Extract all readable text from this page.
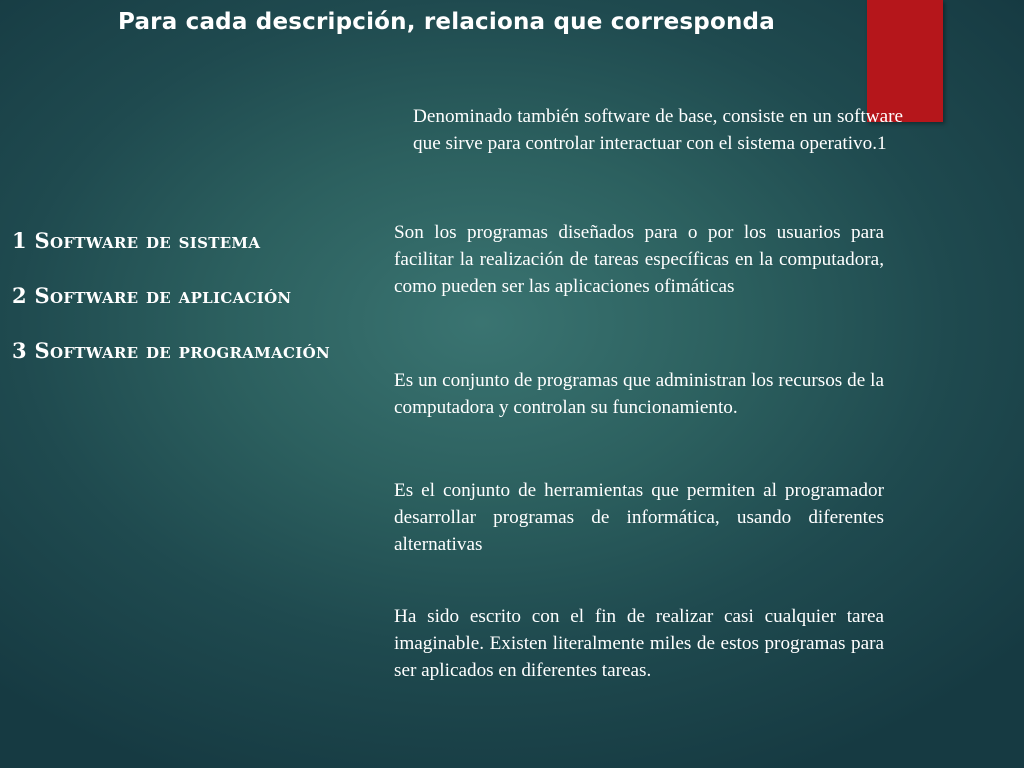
Para cada descripción, relaciona que corresponda
1 Software de sistema
2 Software de aplicación
3 Software de programación

Denominado también software de base, consiste en un software que sirve para controlar interactuar con el sistema operativo.1

Son los programas diseñados para o por los usuarios para facilitar la realización de tareas específicas en la computadora, como pueden ser las aplicaciones ofimáticas

Es un conjunto de programas que administran los recursos de la computadora y controlan su funcionamiento.

Es el conjunto de herramientas que permiten al programador desarrollar programas de informática, usando diferentes alternativas

Ha sido escrito con el fin de realizar casi cualquier tarea imaginable. Existen literalmente miles de estos programas para ser aplicados en diferentes tareas.
